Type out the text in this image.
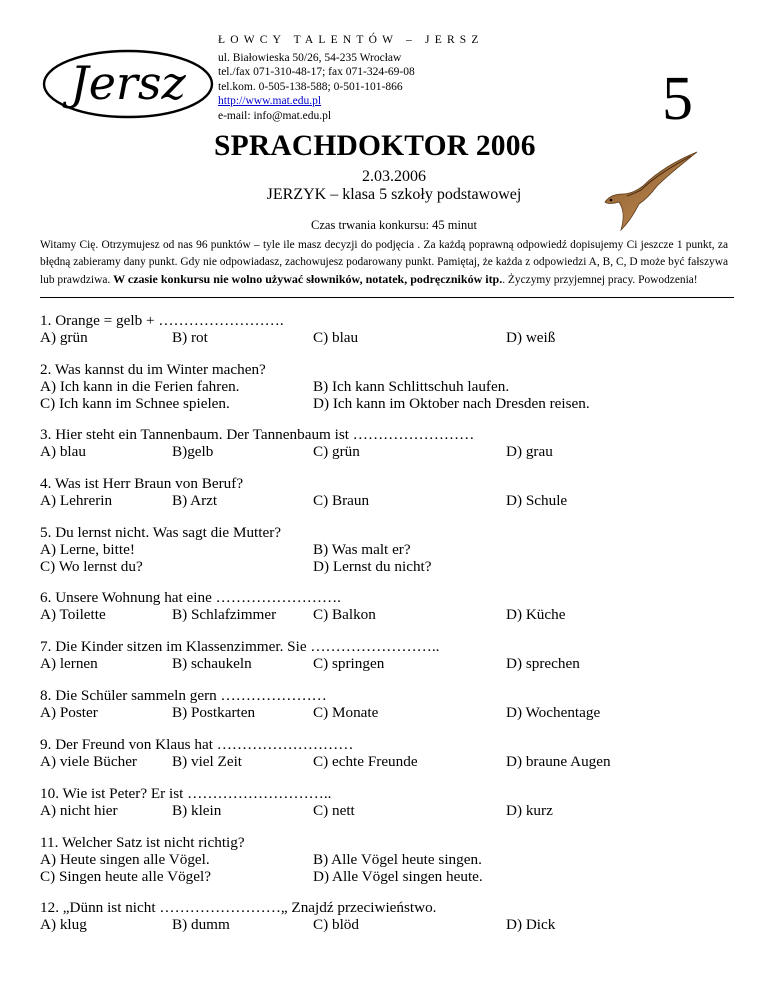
Jersz
ŁOWCY TALENTÓW – JERSZ
ul. Białowieska 50/26, 54-235 Wrocław
tel./fax 071-310-48-17; fax 071-324-69-08
tel.kom. 0-505-138-588; 0-501-101-866
http://www.mat.edu.pl
e-mail: info@mat.edu.pl	5
SPRACHDOKTOR 2006
2.03.2006
JERZYK – klasa 5 szkoły podstawowej
Czas trwania konkursu: 45 minut
Witamy Cię. Otrzymujesz od nas 96 punktów – tyle ile masz decyzji do podjęcia . Za każdą poprawną odpowiedź dopisujemy Ci jeszcze 1 punkt, za błędną zabieramy dany punkt. Gdy nie odpowiadasz, zachowujesz podarowany punkt. Pamiętaj, że każda z odpowiedzi A, B, C, D może być fałszywa lub prawdziwa. W czasie konkursu nie wolno używać słowników, notatek, podręczników itp.. Życzymy przyjemnej pracy. Powodzenia!
1. Orange = gelb + …………………….
A) grün	B) rot	C) blau	D) weiß
2. Was kannst du im Winter machen?
A) Ich kann in die Ferien fahren.	B) Ich kann Schlittschuh laufen.
C) Ich kann im Schnee spielen.	D) Ich kann im Oktober nach Dresden reisen.
3. Hier steht ein Tannenbaum. Der Tannenbaum ist ……………………
A) blau	B)gelb	C) grün	D) grau
4. Was ist Herr Braun von Beruf?
A) Lehrerin	B) Arzt	C) Braun	D) Schule
5. Du lernst nicht. Was sagt die Mutter?
A) Lerne, bitte!	B) Was malt er?
C) Wo lernst du?	D) Lernst du nicht?
6. Unsere Wohnung hat eine …………………….
A) Toilette	B) Schlafzimmer C) Balkon	D) Küche
7. Die Kinder sitzen im Klassenzimmer. Sie ……………………..
A) lernen	B) schaukeln	C) springen	D) sprechen
8. Die Schüler sammeln gern …………………
A) Poster	B) Postkarten	C) Monate	D) Wochentage
9. Der Freund von Klaus hat ………………………
A) viele Bücher B) viel Zeit	C) echte Freunde	D) braune Augen
10. Wie ist Peter? Er ist ………………………..
A) nicht hier	B) klein	C) nett	D) kurz
11. Welcher Satz ist nicht richtig?
A) Heute singen alle Vögel.	B) Alle Vögel heute singen.
C) Singen heute alle Vögel?	D) Alle Vögel singen heute.
12. „Dünn ist nicht ……………………„ Znajdź przeciwieństwo.
A) klug	B) dumm	C) blöd	D) Dick
